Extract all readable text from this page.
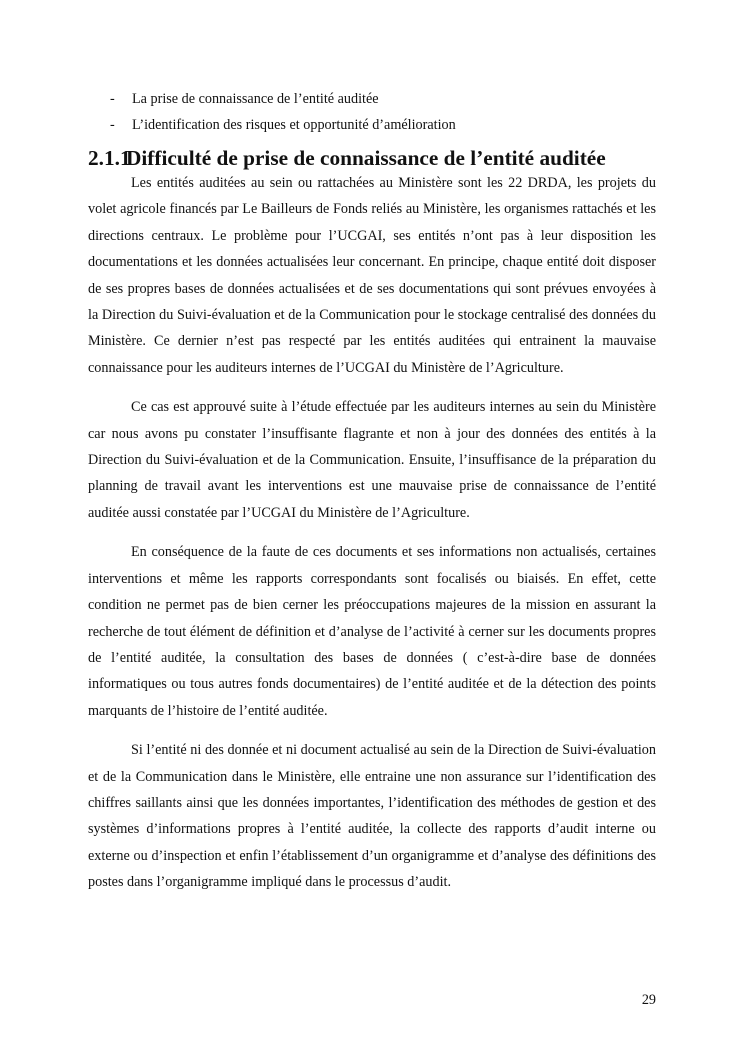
- La prise de connaissance de l’entité auditée
- L’identification des risques et opportunité d’amélioration
2.1.1Difficulté de prise de connaissance de l’entité auditée

Les entités auditées au sein ou rattachées au Ministère sont les 22 DRDA, les projets du volet agricole financés par Le Bailleurs de Fonds reliés au Ministère, les organismes rattachés et les directions centraux. Le problème pour l’UCGAI, ses entités n’ont pas à leur disposition les documentations et les données actualisées leur concernant. En principe, chaque entité doit disposer de ses propres bases de données actualisées et de ses documentations qui sont prévues envoyées à la Direction du Suivi-évaluation et de la Communication pour le stockage centralisé des données du Ministère. Ce dernier n’est pas respecté par les entités auditées qui entrainent la mauvaise connaissance pour les auditeurs internes de l’UCGAI du Ministère de l’Agriculture.

Ce cas est approuvé suite à l’étude effectuée par les auditeurs internes au sein du Ministère car nous avons pu constater l’insuffisante flagrante et non à jour des données des entités à la Direction du Suivi-évaluation et de la Communication. Ensuite, l’insuffisance de la préparation du planning de travail avant les interventions est une mauvaise prise de connaissance de l’entité auditée aussi constatée par l’UCGAI du Ministère de l’Agriculture.

En conséquence de la faute de ces documents et ses informations non actualisés, certaines interventions et même les rapports correspondants sont focalisés ou biaisés. En effet, cette condition ne permet pas de bien cerner les préoccupations majeures de la mission en assurant la recherche de tout élément de définition et d’analyse de l’activité à cerner sur les documents propres de l’entité auditée, la consultation des bases de données ( c’est-à-dire base de données informatiques ou tous autres fonds documentaires) de l’entité auditée et de la détection des points marquants de l’histoire de l’entité auditée.

Si l’entité ni des donnée et ni document actualisé au sein de la Direction de Suivi-évaluation et de la Communication dans le Ministère, elle entraine une non assurance sur l’identification des chiffres saillants ainsi que les données importantes, l’identification des méthodes de gestion et des systèmes d’informations propres à l’entité auditée, la collecte des rapports d’audit interne ou externe ou d’inspection et enfin l’établissement d’un organigramme et d’analyse des définitions des postes dans l’organigramme impliqué dans le processus d’audit.

29
